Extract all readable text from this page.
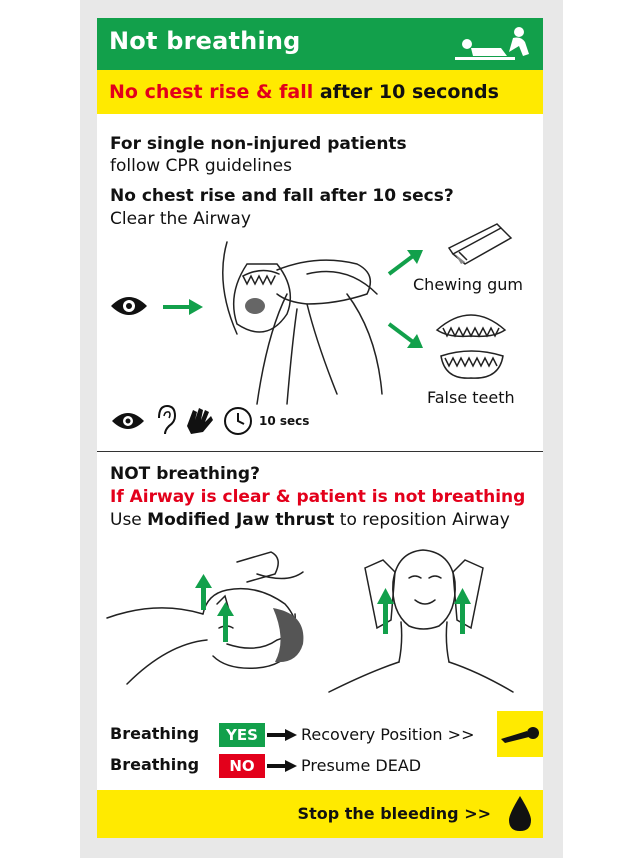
Not breathing
No chest rise & fall after 10 seconds
For single non-injured patients
follow CPR guidelines
No chest rise and fall after 10 secs?
Clear the Airway
Chewing gum
False teeth
10 secs
NOT breathing?
If Airway is clear & patient is not breathing
Use Modified Jaw thrust to reposition Airway
Breathing	YES	Recovery Position >>
Breathing	NO	Presume DEAD
Stop the bleeding >>
